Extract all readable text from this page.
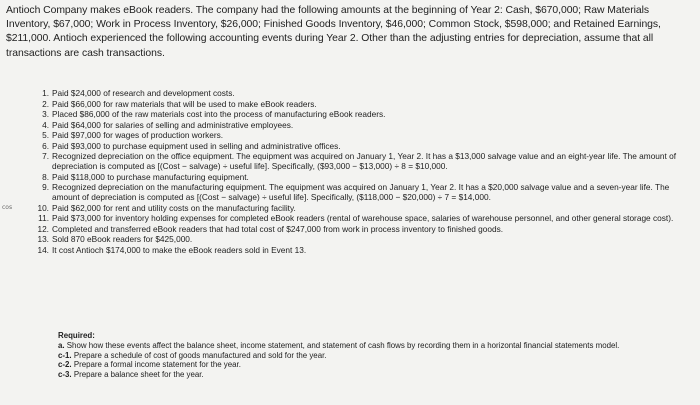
Antioch Company makes eBook readers. The company had the following amounts at the beginning of Year 2: Cash, $670,000; Raw Materials Inventory, $67,000; Work in Process Inventory, $26,000; Finished Goods Inventory, $46,000; Common Stock, $598,000; and Retained Earnings, $211,000. Antioch experienced the following accounting events during Year 2. Other than the adjusting entries for depreciation, assume that all transactions are cash transactions.

cos
1. Paid $24,000 of research and development costs.
2. Paid $66,000 for raw materials that will be used to make eBook readers.
3. Placed $86,000 of the raw materials cost into the process of manufacturing eBook readers.
4. Paid $64,000 for salaries of selling and administrative employees.
5. Paid $97,000 for wages of production workers.
6. Paid $93,000 to purchase equipment used in selling and administrative offices.
7. Recognized depreciation on the office equipment. The equipment was acquired on January 1, Year 2. It has a $13,000 salvage value and an eight-year life. The amount of depreciation is computed as [(Cost − salvage) ÷ useful life]. Specifically, ($93,000 − $13,000) ÷ 8 = $10,000.
8. Paid $118,000 to purchase manufacturing equipment.
9. Recognized depreciation on the manufacturing equipment. The equipment was acquired on January 1, Year 2. It has a $20,000 salvage value and a seven-year life. The amount of depreciation is computed as [(Cost − salvage) ÷ useful life]. Specifically, ($118,000 − $20,000) ÷ 7 = $14,000.
10. Paid $62,000 for rent and utility costs on the manufacturing facility.
11. Paid $73,000 for inventory holding expenses for completed eBook readers (rental of warehouse space, salaries of warehouse personnel, and other general storage cost).
12. Completed and transferred eBook readers that had total cost of $247,000 from work in process inventory to finished goods.
13. Sold 870 eBook readers for $425,000.
14. It cost Antioch $174,000 to make the eBook readers sold in Event 13.
Required:
a. Show how these events affect the balance sheet, income statement, and statement of cash flows by recording them in a horizontal financial statements model.
c-1. Prepare a schedule of cost of goods manufactured and sold for the year.
c-2. Prepare a formal income statement for the year.
c-3. Prepare a balance sheet for the year.
